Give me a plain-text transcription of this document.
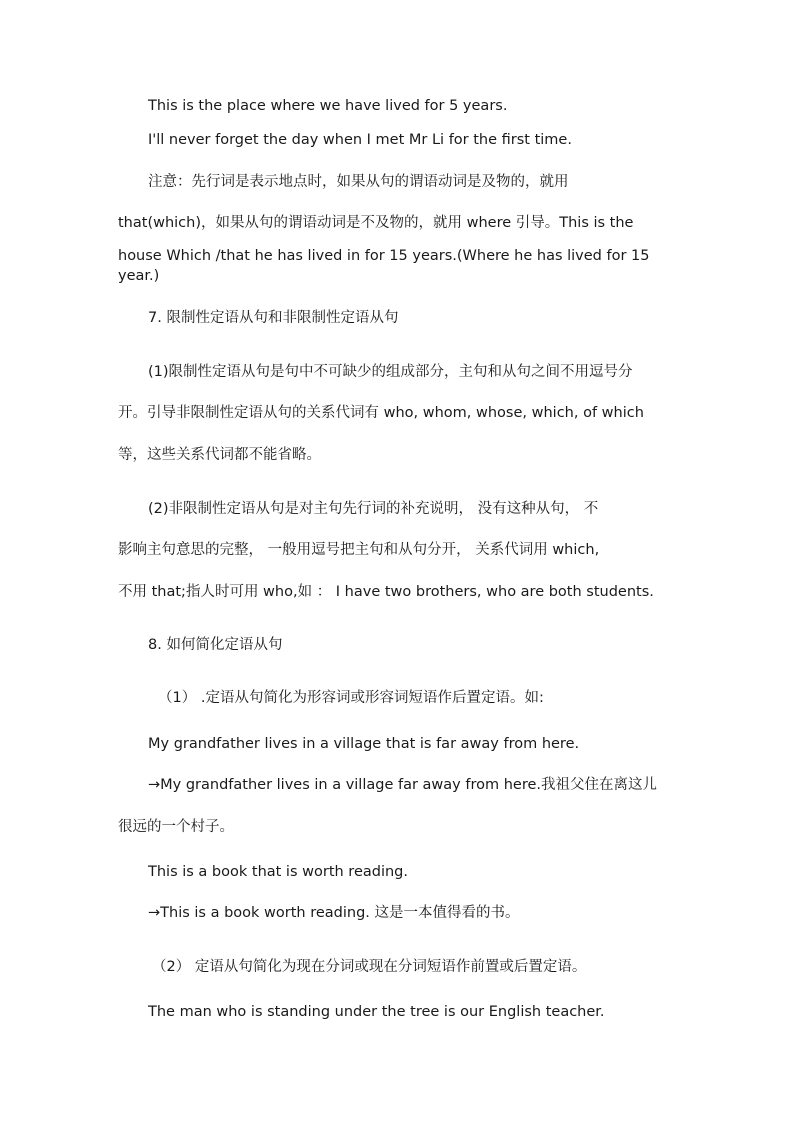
This is the place where we have lived for 5 years.

I'll never forget the day when I met Mr Li for the first time.

注意：先行词是表示地点时，如果从句的谓语动词是及物的，就用

that(which)，如果从句的谓语动词是不及物的，就用 where 引导。This is the

house Which /that he has lived in for 15 years.(Where he has lived for 15

year.)

7. 限制性定语从句和非限制性定语从句

(1)限制性定语从句是句中不可缺少的组成部分，主句和从句之间不用逗号分

开。引导非限制性定语从句的关系代词有 who, whom, whose, which, of which

等，这些关系代词都不能省略。

(2)非限制性定语从句是对主句先行词的补充说明， 没有这种从句， 不

影响主句意思的完整， 一般用逗号把主句和从句分开， 关系代词用 which,

不用 that;指人时可用 who,如 ： I have two brothers, who are both students.

8. 如何简化定语从句

（1） .定语从句简化为形容词或形容词短语作后置定语。如:

My grandfather lives in a village that is far away from here.

→My grandfather lives in a village far away from here.我祖父住在离这儿

很远的一个村子。

This is a book that is worth reading.

→This is a book worth reading. 这是一本值得看的书。

（2） 定语从句简化为现在分词或现在分词短语作前置或后置定语。

The man who is standing under the tree is our English teacher.
